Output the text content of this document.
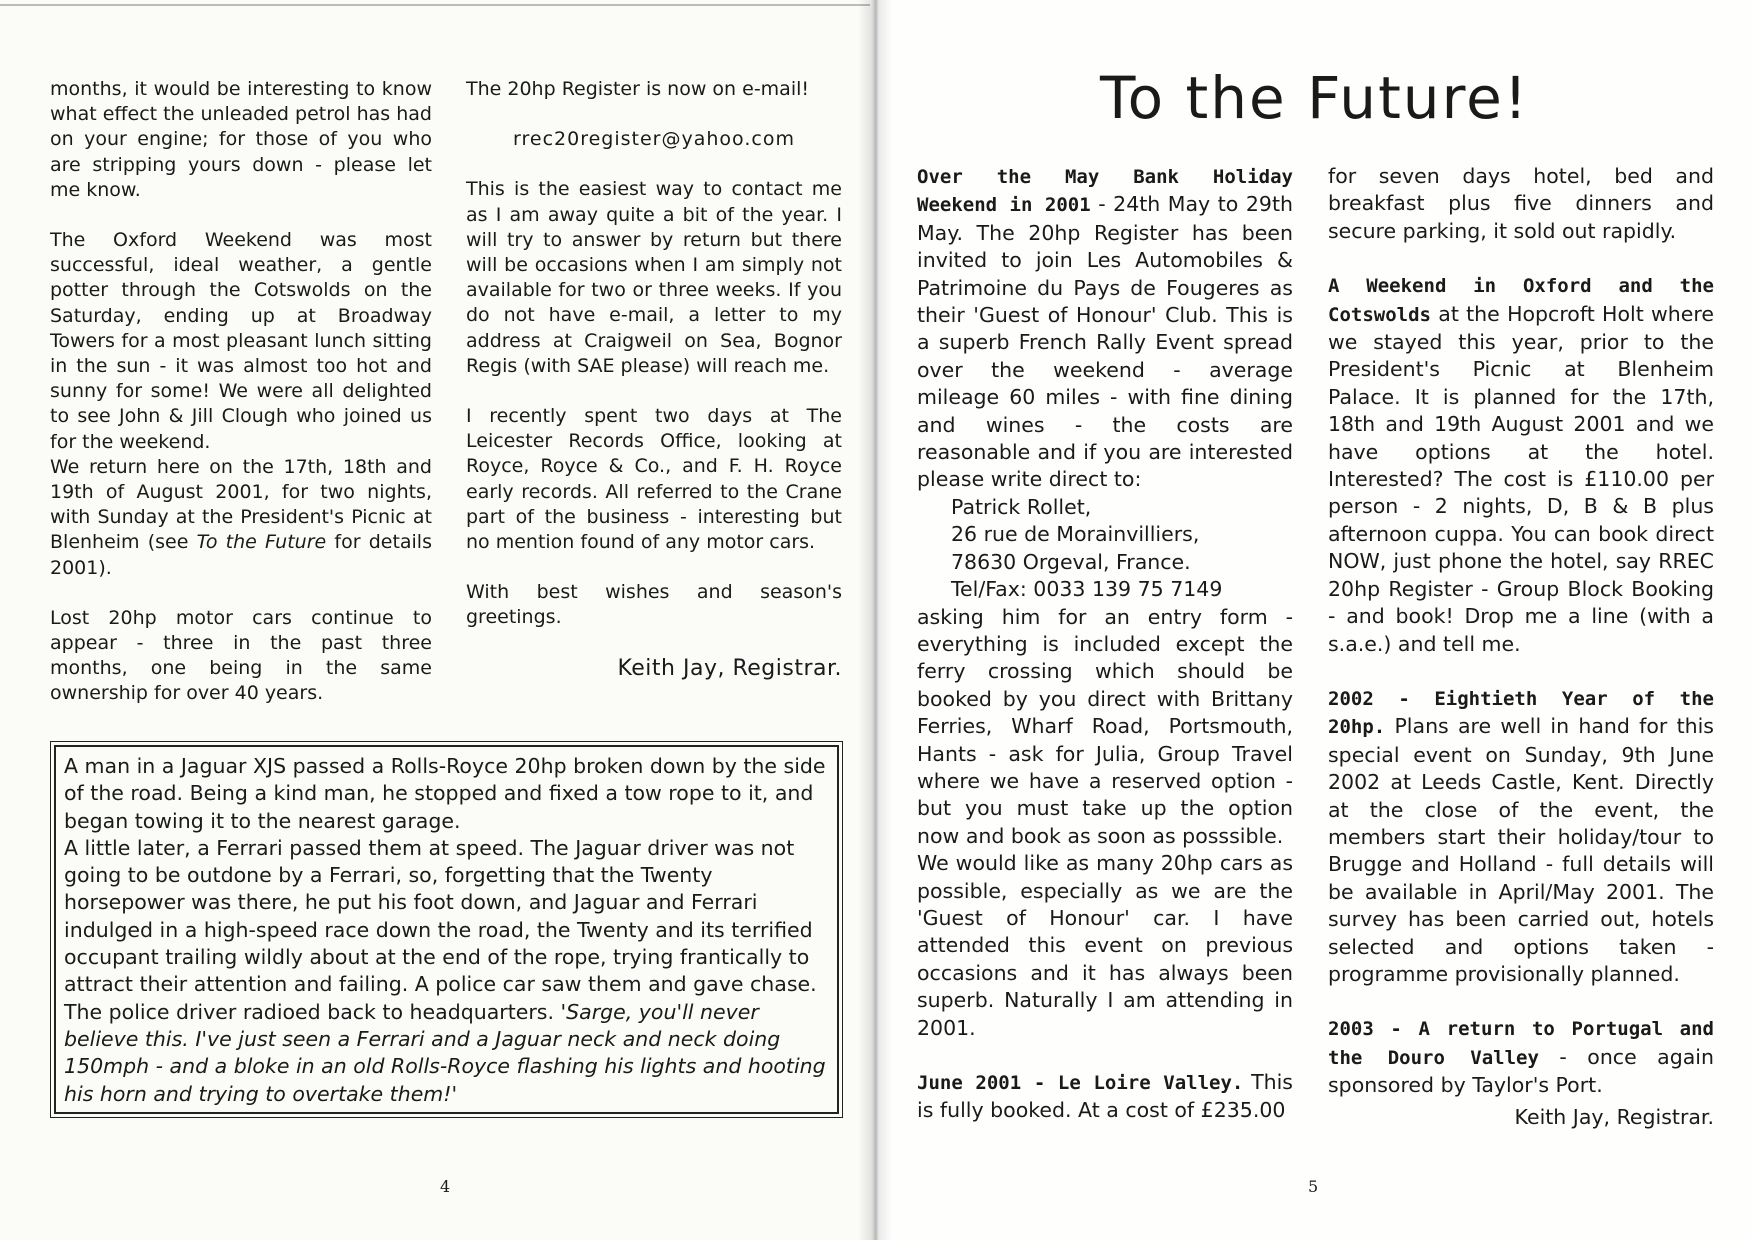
months, it would be interesting to know what effect the unleaded petrol has had on your engine; for those of you who are stripping yours down - please let me know.

The Oxford Weekend was most successful, ideal weather, a gentle potter through the Cotswolds on the Saturday, ending up at Broadway Towers for a most pleasant lunch sitting in the sun - it was almost too hot and sunny for some! We were all delighted to see John & Jill Clough who joined us for the weekend.

We return here on the 17th, 18th and 19th of August 2001, for two nights, with Sunday at the President's Picnic at Blenheim (see To the Future for details 2001).

Lost 20hp motor cars continue to appear - three in the past three months, one being in the same ownership for over 40 years.

The 20hp Register is now on e-mail!

rrec20register@yahoo.com

This is the easiest way to contact me as I am away quite a bit of the year. I will try to answer by return but there will be occasions when I am simply not available for two or three weeks. If you do not have e-mail, a letter to my address at Craigweil on Sea, Bognor Regis (with SAE please) will reach me.

I recently spent two days at The Leicester Records Office, looking at Royce, Royce & Co., and F. H. Royce early records. All referred to the Crane part of the business - interesting but no mention found of any motor cars.

With best wishes and season's greetings.

Keith Jay, Registrar.

A man in a Jaguar XJS passed a Rolls-Royce 20hp broken down by the side of the road. Being a kind man, he stopped and fixed a tow rope to it, and began towing it to the nearest garage.

A little later, a Ferrari passed them at speed. The Jaguar driver was not going to be outdone by a Ferrari, so, forgetting that the Twenty horsepower was there, he put his foot down, and Jaguar and Ferrari indulged in a high-speed race down the road, the Twenty and its terrified occupant trailing wildly about at the end of the rope, trying frantically to attract their attention and failing. A police car saw them and gave chase.

The police driver radioed back to headquarters. 'Sarge, you'll never believe this. I've just seen a Ferrari and a Jaguar neck and neck doing 150mph - and a bloke in an old Rolls-Royce flashing his lights and hooting his horn and trying to overtake them!'

4
To the Future!

Over the May Bank Holiday Weekend in 2001 - 24th May to 29th May. The 20hp Register has been invited to join Les Automobiles & Patrimoine du Pays de Fougeres as their 'Guest of Honour' Club. This is a superb French Rally Event spread over the weekend - average mileage 60 miles - with fine dining and wines - the costs are reasonable and if you are interested please write direct to:

Patrick Rollet,
26 rue de Morainvilliers,
78630 Orgeval, France.
Tel/Fax: 0033 139 75 7149

asking him for an entry form - everything is included except the ferry crossing which should be booked by you direct with Brittany Ferries, Wharf Road, Portsmouth, Hants - ask for Julia, Group Travel where we have a reserved option - but you must take up the option now and book as soon as posssible.

We would like as many 20hp cars as possible, especially as we are the 'Guest of Honour' car. I have attended this event on previous occasions and it has always been superb. Naturally I am attending in 2001.

June 2001 - Le Loire Valley. This is fully booked. At a cost of £235.00

for seven days hotel, bed and breakfast plus five dinners and secure parking, it sold out rapidly.

A Weekend in Oxford and the Cotswolds at the Hopcroft Holt where we stayed this year, prior to the President's Picnic at Blenheim Palace. It is planned for the 17th, 18th and 19th August 2001 and we have options at the hotel. Interested? The cost is £110.00 per person - 2 nights, D, B & B plus afternoon cuppa. You can book direct NOW, just phone the hotel, say RREC 20hp Register - Group Block Booking - and book! Drop me a line (with a s.a.e.) and tell me.

2002 - Eightieth Year of the 20hp. Plans are well in hand for this special event on Sunday, 9th June 2002 at Leeds Castle, Kent. Directly at the close of the event, the members start their holiday/tour to Brugge and Holland - full details will be available in April/May 2001. The survey has been carried out, hotels selected and options taken - programme provisionally planned.

2003 - A return to Portugal and the Douro Valley - once again sponsored by Taylor's Port.

Keith Jay, Registrar.

5
